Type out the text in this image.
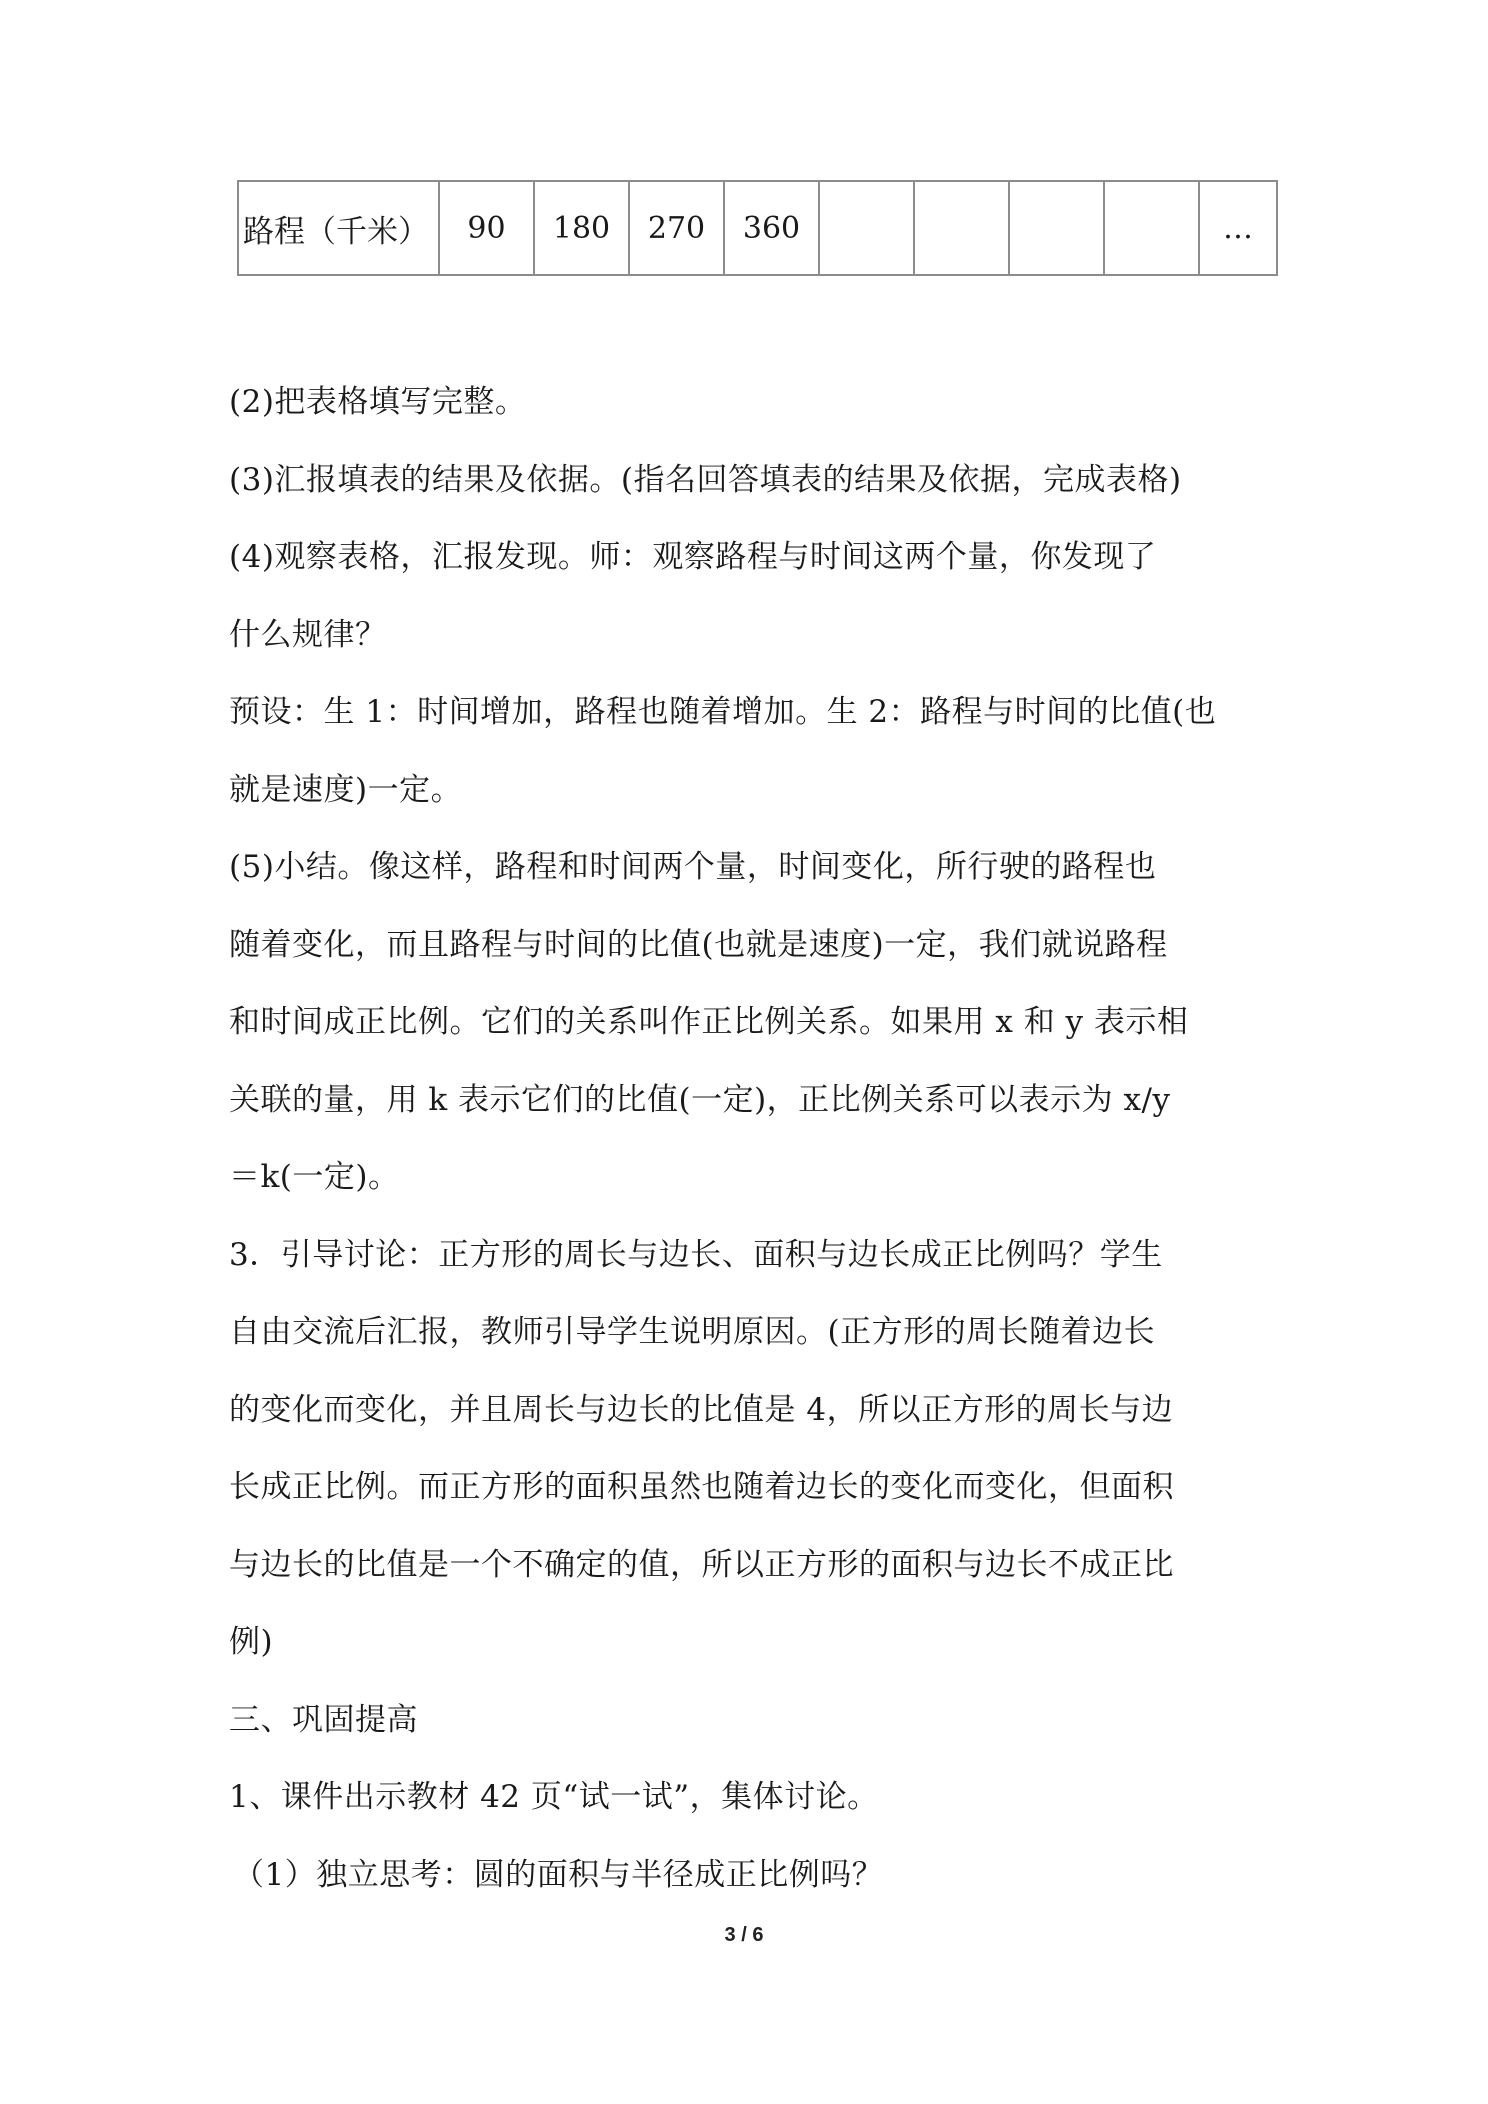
路程（千米）	90	180	270	360					…

(2)把表格填写完整。

(3)汇报填表的结果及依据。(指名回答填表的结果及依据，完成表格)

(4)观察表格，汇报发现。师：观察路程与时间这两个量，你发现了

什么规律？

预设：生 1：时间增加，路程也随着增加。生 2：路程与时间的比值(也

就是速度)一定。

(5)小结。像这样，路程和时间两个量，时间变化，所行驶的路程也

随着变化，而且路程与时间的比值(也就是速度)一定，我们就说路程

和时间成正比例。它们的关系叫作正比例关系。如果用 x 和 y 表示相

关联的量，用 k 表示它们的比值(一定)，正比例关系可以表示为 x/y

＝k(一定)。

3．引导讨论：正方形的周长与边长、面积与边长成正比例吗？学生

自由交流后汇报，教师引导学生说明原因。(正方形的周长随着边长

的变化而变化，并且周长与边长的比值是 4，所以正方形的周长与边

长成正比例。而正方形的面积虽然也随着边长的变化而变化，但面积

与边长的比值是一个不确定的值，所以正方形的面积与边长不成正比

例)

三、巩固提高

1、课件出示教材 42 页“试一试”，集体讨论。

（1）独立思考：圆的面积与半径成正比例吗？

3 / 6
